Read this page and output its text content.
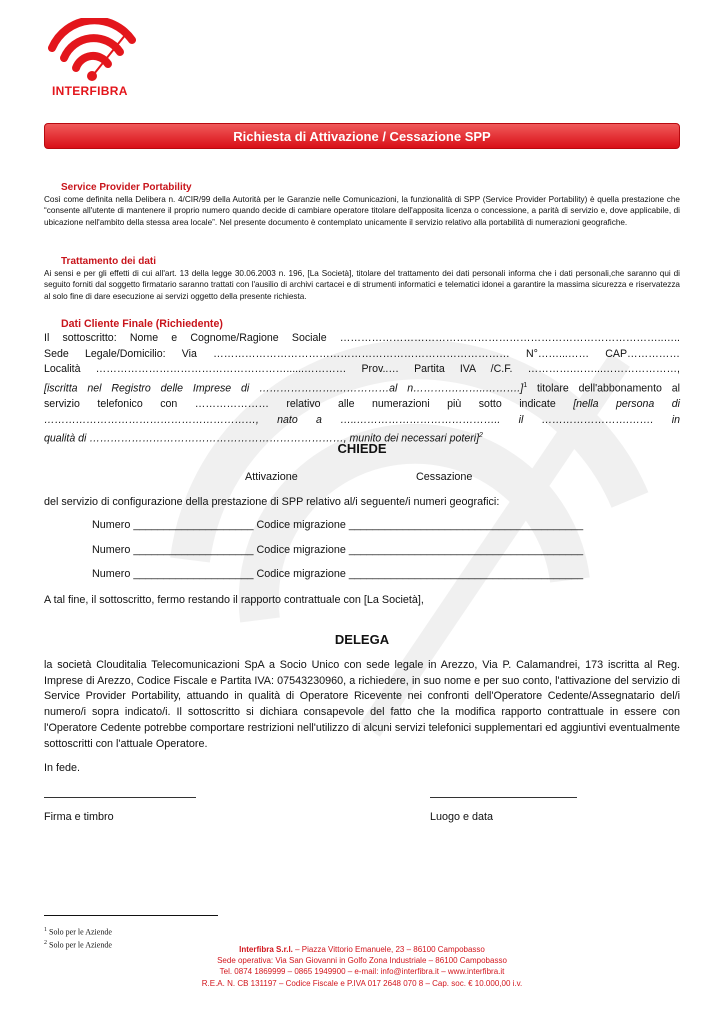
INTERFIBRA
Richiesta di Attivazione / Cessazione SPP
Service Provider Portability
Così come definita nella Delibera n. 4/CIR/99 della Autorità per le Garanzie nelle Comunicazioni, la funzionalità di SPP (Service Provider Portability) è quella prestazione che “consente all'utente di mantenere il proprio numero quando decide di cambiare operatore titolare dell'apposita licenza o concessione, a parità di servizio e, dove applicabile, di ubicazione nell'ambito della stessa area locale”. Nel presente documento è contemplato unicamente il servizio relativo alla portabilità di numerazioni geografiche.
Trattamento dei dati
Ai sensi e per gli effetti di cui all'art. 13 della legge 30.06.2003 n. 196, [La Società], titolare del trattamento dei dati personali informa che i dati personali,che saranno qui di seguito forniti dal soggetto firmatario saranno trattati con l'ausilio di archivi cartacei e di strumenti informatici e telematici idonei a garantire la massima sicurezza e riservatezza al solo fine di dare esecuzione ai servizi oggetto della presente richiesta.
Dati Cliente Finale (Richiedente)
Il sottoscritto: Nome e Cognome/Ragione Sociale ………………………………………………………………………………..…..
Sede Legale/Domicilio: Via ………………………………………………………………………… N°……...…… CAP……………
Località ………………………………………………......………… Prov..… Partita IVA /C.F. ………….……...…………………,
[iscritta nel Registro delle Imprese di ………………….……………al n………….……..……….]$^1$ titolare dell'abbonamento al
servizio telefonico con ………………… relativo alle numerazioni più sotto indicate [nella persona di
……………………………………………………, nato a …..………………………………….. il …………………….……. in
qualità di ………………………………………………………………, munito dei necessari poteri]$^2$
CHIEDE
Attivazione	Cessazione
del servizio di configurazione della prestazione di SPP relativo al/i seguente/i numeri geografici:
Numero ____________________ Codice migrazione _______________________________________
Numero ____________________ Codice migrazione _______________________________________
Numero ____________________ Codice migrazione _______________________________________
A tal fine, il sottoscritto, fermo restando il rapporto contrattuale con [La Società],
DELEGA
la società Clouditalia Telecomunicazioni SpA a Socio Unico con sede legale in Arezzo, Via P. Calamandrei, 173 iscritta al Reg. Imprese di Arezzo, Codice Fiscale e Partita IVA: 07543230960, a richiedere, in suo nome e per suo conto, l'attivazione del servizio di Service Provider Portability, attuando in qualità di Operatore Ricevente nei confronti dell'Operatore Cedente/Assegnatario del/i numero/i sopra indicato/i. Il sottoscritto si dichiara consapevole del fatto che la modifica rapporto contrattuale in essere con l'Operatore Cedente potrebbe comportare restrizioni nell'utilizzo di alcuni servizi telefonici supplementari ed aggiuntivi eventualmente sottoscritti con l'attuale Operatore.
In fede.
Firma e timbro	Luogo e data
$^1$ Solo per le Aziende
$^2$ Solo per le Aziende
Interfibra S.r.l. – Piazza Vittorio Emanuele, 23 – 86100 Campobasso
Sede operativa: Via San Giovanni in Golfo Zona Industriale – 86100 Campobasso
Tel. 0874 1869999 – 0865 1949900 – e-mail: info@interfibra.it – www.interfibra.it
R.E.A. N. CB 131197 – Codice Fiscale e P.IVA 017 2648 070 8 – Cap. soc. € 10.000,00 i.v.
